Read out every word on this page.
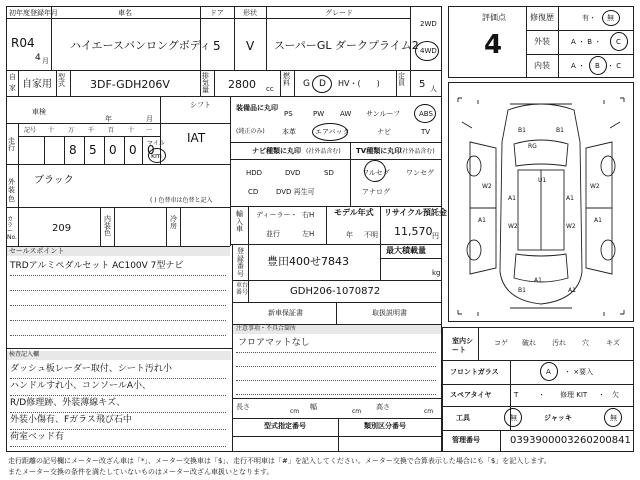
初年度登録年月
R04
4 月
車名
ハイエースバンロングボディ
ドア
5
形状
V
グレード
スーパーGL ダークプライム2
2WD
4WD
自
家 自家用
型式	3DF-GDH206V
排気量	2800 cc
燃料	G D HV・(　　)
定員	5 人
評価点
4
修復歴	有・ 無
外装	A ・ B ・ C
内装	A ・ B ・ C
車検
年	月
シフト
IAT
走行
記号 十 万 千 百 十 一
8 5 0 0 0
マイル
km
外装色
ブラック
( ) 色替車は色替と記入
カラーNo.
209
内装色
冷房
装備品に丸印
(純正のみ)
PS	PW AW サンルーフ	ABS
本革	エアバック	ナビ	TV
ナビ種類に丸印 (社外品含む)
HDD	DVD	SD
CD	DVD 再生可
TV種類に丸印
(社外品含む)
フルセグ ワンセグ
アナログ
輸入車
ディーラー・
並行
右H
左H
モデル年式
年 不明
リサイクル預託金
11,570 円
セールスポイント
TRDアルミペダルセット AC100V 7型ナビ
登録番号
豊田400せ7843
最大積載量
kg
車台番号	GDH206-1070872
新車保証書	取扱説明書
注意事項・不具合箇所
フロアマットなし
検査記入欄
ダッシュ板レーダー取付、シート汚れ小
ハンドルすれ小、コンソールA小、
R/D修理跡、外装薄線キズ、
外装小傷有、Fガラス飛び石中
荷室ベッド有
長さ
cm
幅
cm
高さ
cm
型式指定番号	類別区分番号
室内シート
コゲ 破れ 汚れ 穴 キズ
フロントガラス	A ・ ×要入
スペアタイヤ	T	・ 修理 KIT ・ 欠
工具	無	ジャッキ	無
管理番号	0393900003260200841
走行距離の記号欄にメーター改ざん車は「*」、メーター交換車は「$」、走行不明車は「#」を記入してください。メーター交換で合算表示した場合にも「$」を記入します。
またメーター交換の条件を満たしていないものはメーター改ざん車扱いとなります。
B1
W2
A1
A1
W2
U1
W2
A1
A1
W2
B1	A1
B1
A1
RG
